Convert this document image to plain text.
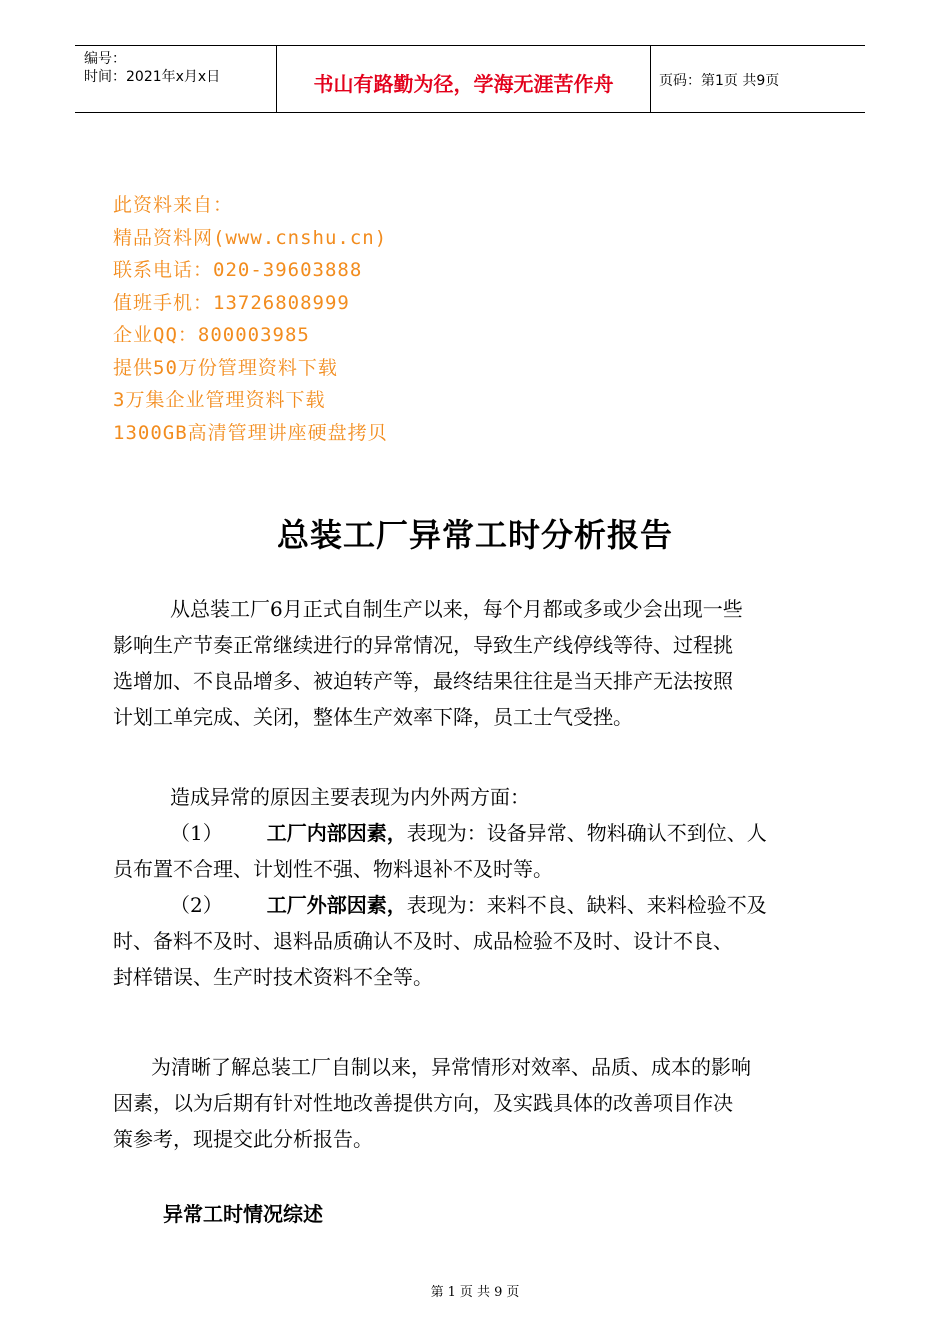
编号：
时间：2021年x月x日	书山有路勤为径，学海无涯苦作舟	页码：第1页 共9页
此资料来自：
精品资料网(www.cnshu.cn)
联系电话：020-39603888
值班手机：13726808999
企业QQ：800003985
提供50万份管理资料下载
3万集企业管理资料下载
1300GB高清管理讲座硬盘拷贝
总装工厂异常工时分析报告
从总装工厂6月正式自制生产以来，每个月都或多或少会出现一些
影响生产节奏正常继续进行的异常情况，导致生产线停线等待、过程挑
选增加、不良品增多、被迫转产等，最终结果往往是当天排产无法按照
计划工单完成、关闭，整体生产效率下降，员工士气受挫。
造成异常的原因主要表现为内外两方面：
（1） 工厂内部因素，表现为：设备异常、物料确认不到位、人
员布置不合理、计划性不强、物料退补不及时等。
（2） 工厂外部因素，表现为：来料不良、缺料、来料检验不及
时、备料不及时、退料品质确认不及时、成品检验不及时、设计不良、
封样错误、生产时技术资料不全等。
为清晰了解总装工厂自制以来，异常情形对效率、品质、成本的影响
因素，以为后期有针对性地改善提供方向，及实践具体的改善项目作决
策参考，现提交此分析报告。
异常工时情况综述
第 1 页 共 9 页
